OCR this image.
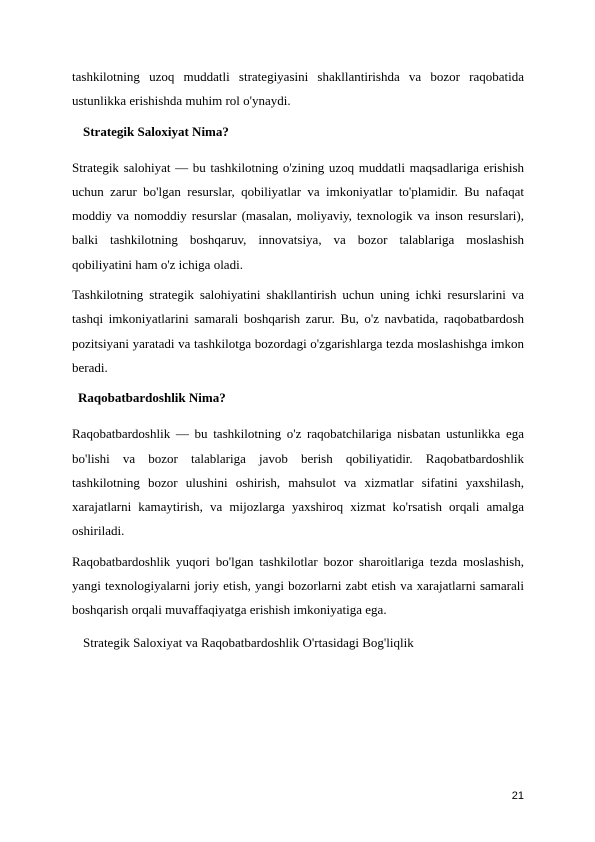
tashkilotning uzoq muddatli strategiyasini shakllantirishda va bozor raqobatida ustunlikka erishishda muhim rol o'ynaydi.

Strategik Saloxiyat Nima?

Strategik salohiyat — bu tashkilotning o'zining uzoq muddatli maqsadlariga erishish uchun zarur bo'lgan resurslar, qobiliyatlar va imkoniyatlar to'plamidir. Bu nafaqat moddiy va nomoddiy resurslar (masalan, moliyaviy, texnologik va inson resurslari), balki tashkilotning boshqaruv, innovatsiya, va bozor talablariga moslashish qobiliyatini ham o'z ichiga oladi.

Tashkilotning strategik salohiyatini shakllantirish uchun uning ichki resurslarini va tashqi imkoniyatlarini samarali boshqarish zarur. Bu, o'z navbatida, raqobatbardosh pozitsiyani yaratadi va tashkilotga bozordagi o'zgarishlarga tezda moslashishga imkon beradi.

Raqobatbardoshlik Nima?

Raqobatbardoshlik — bu tashkilotning o'z raqobatchilariga nisbatan ustunlikka ega bo'lishi va bozor talablariga javob berish qobiliyatidir. Raqobatbardoshlik tashkilotning bozor ulushini oshirish, mahsulot va xizmatlar sifatini yaxshilash, xarajatlarni kamaytirish, va mijozlarga yaxshiroq xizmat ko'rsatish orqali amalga oshiriladi.

Raqobatbardoshlik yuqori bo'lgan tashkilotlar bozor sharoitlariga tezda moslashish, yangi texnologiyalarni joriy etish, yangi bozorlarni zabt etish va xarajatlarni samarali boshqarish orqali muvaffaqiyatga erishish imkoniyatiga ega.

Strategik Saloxiyat va Raqobatbardoshlik O'rtasidagi Bog'liqlik
21
